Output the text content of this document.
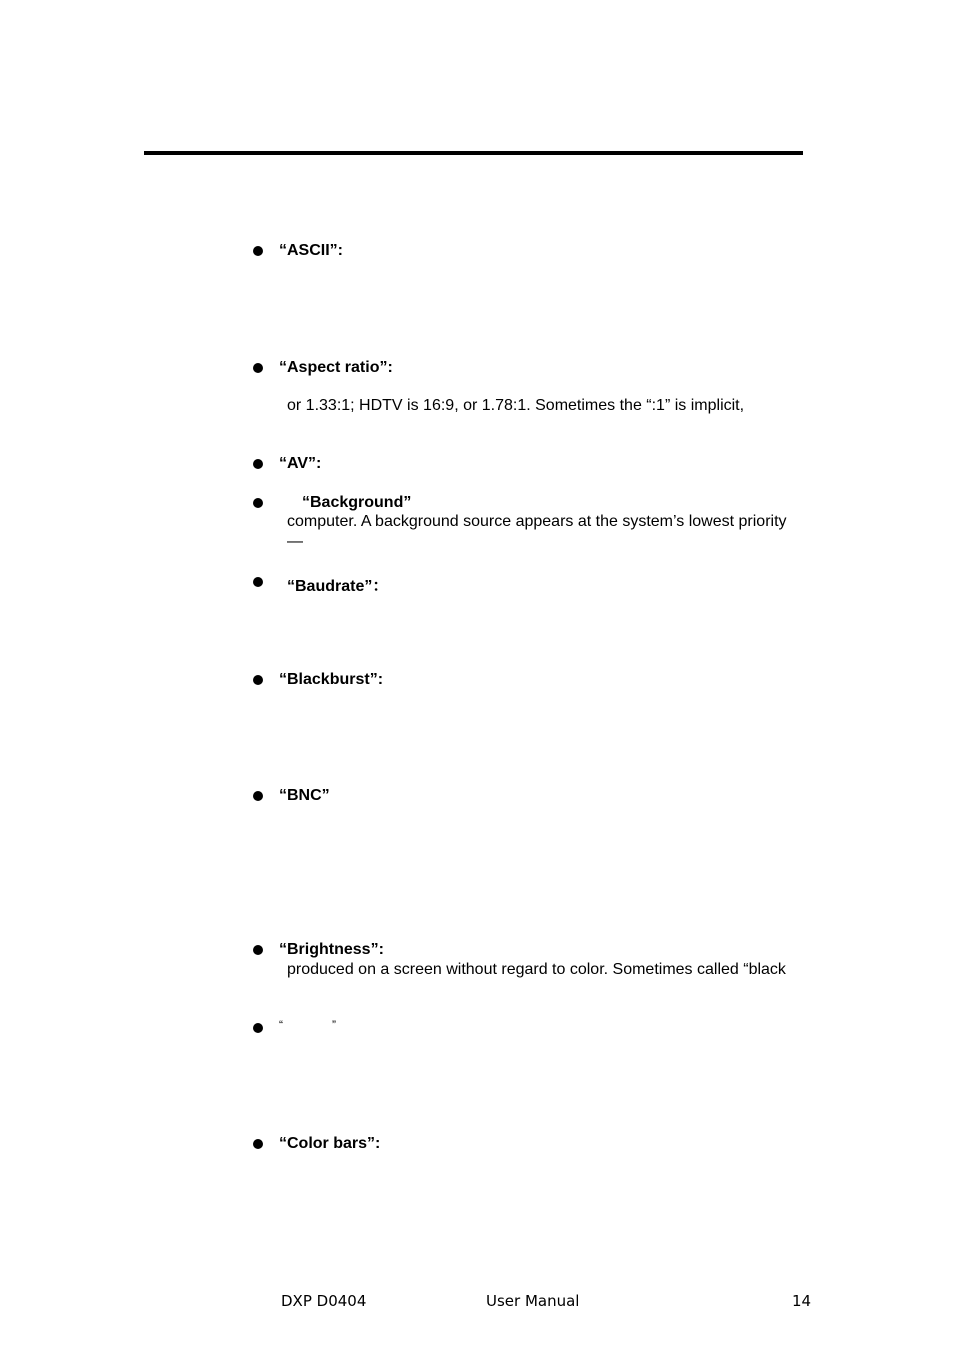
“ASCII”:
“Aspect ratio”:
or 1.33:1; HDTV is 16:9, or 1.78:1. Sometimes the “:1” is implicit,
“AV”:
“Background”
computer. A background source appears at the system’s lowest priority
—
“Baudrate”：
“Blackburst”:
“BNC”
“Brightness”:
produced on a screen without regard to color. Sometimes called “black
“	”
“Color bars”:
DXP D0404	User Manual	14
